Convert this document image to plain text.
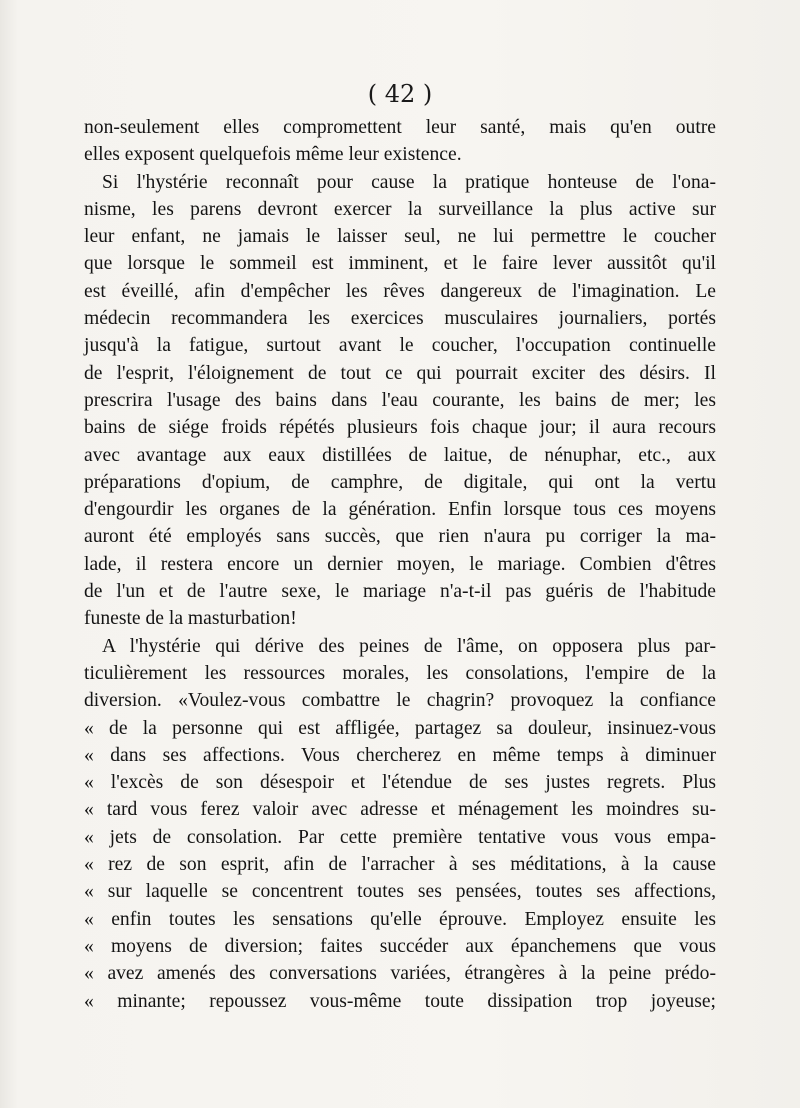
( 42 )
non-seulement elles compromettent leur santé, mais qu'en outre
elles exposent quelquefois même leur existence.
Si l'hystérie reconnaît pour cause la pratique honteuse de l'ona-
nisme, les parens devront exercer la surveillance la plus active sur
leur enfant, ne jamais le laisser seul, ne lui permettre le coucher
que lorsque le sommeil est imminent, et le faire lever aussitôt qu'il
est éveillé, afin d'empêcher les rêves dangereux de l'imagination. Le
médecin recommandera les exercices musculaires journaliers, portés
jusqu'à la fatigue, surtout avant le coucher, l'occupation continuelle
de l'esprit, l'éloignement de tout ce qui pourrait exciter des désirs. Il
prescrira l'usage des bains dans l'eau courante, les bains de mer; les
bains de siége froids répétés plusieurs fois chaque jour; il aura recours
avec avantage aux eaux distillées de laitue, de nénuphar, etc., aux
préparations d'opium, de camphre, de digitale, qui ont la vertu
d'engourdir les organes de la génération. Enfin lorsque tous ces moyens
auront été employés sans succès, que rien n'aura pu corriger la ma-
lade, il restera encore un dernier moyen, le mariage. Combien d'êtres
de l'un et de l'autre sexe, le mariage n'a-t-il pas guéris de l'habitude
funeste de la masturbation!
A l'hystérie qui dérive des peines de l'âme, on opposera plus par-
ticulièrement les ressources morales, les consolations, l'empire de la
diversion. «Voulez-vous combattre le chagrin? provoquez la confiance
« de la personne qui est affligée, partagez sa douleur, insinuez-vous
« dans ses affections. Vous chercherez en même temps à diminuer
« l'excès de son désespoir et l'étendue de ses justes regrets. Plus
« tard vous ferez valoir avec adresse et ménagement les moindres su-
« jets de consolation. Par cette première tentative vous vous empa-
« rez de son esprit, afin de l'arracher à ses méditations, à la cause
« sur laquelle se concentrent toutes ses pensées, toutes ses affections,
« enfin toutes les sensations qu'elle éprouve. Employez ensuite les
« moyens de diversion; faites succéder aux épanchemens que vous
« avez amenés des conversations variées, étrangères à la peine prédo-
« minante; repoussez vous-même toute dissipation trop joyeuse;
